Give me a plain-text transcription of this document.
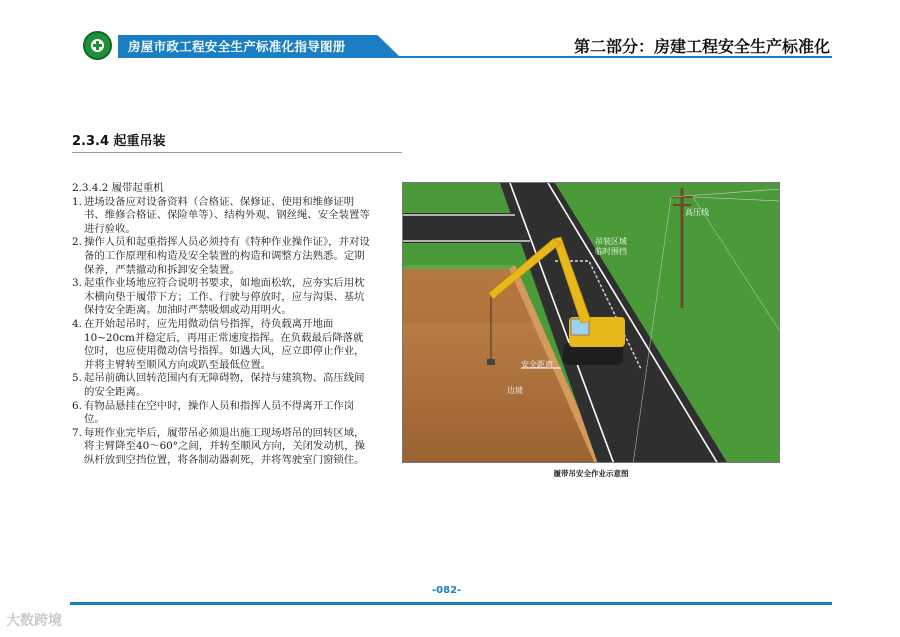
房屋市政工程安全生产标准化指导图册	第二部分：房建工程安全生产标准化
2.3.4 起重吊装

2.3.4.2 履带起重机

1. 进场设备应对设备资料（合格证、保修证、使用和维修证明书、维修合格证、保险单等）、结构外观、钢丝绳、安全装置等进行验收。
2. 操作人员和起重指挥人员必须持有《特种作业操作证》，并对设备的工作原理和构造及安全装置的构造和调整方法熟悉。定期保养，严禁撤动和拆卸安全装置。
3. 起重作业场地应符合说明书要求，如地面松软，应夯实后用枕木横向垫于履带下方；工作、行驶与停放时，应与沟渠、基坑保持安全距离。加油时严禁吸烟或动用明火。
4. 在开始起吊时，应先用微动信号指挥，待负载离开地面10~20cm并稳定后，再用正常速度指挥。在负载最后降落就位时，也应使用微动信号指挥。如遇大风，应立即停止作业，并将主臂转至顺风方向或趴至最低位置。
5. 起吊前确认回转范围内有无障碍物，保持与建筑物、高压线间的安全距离。
6. 有物品悬挂在空中时，操作人员和指挥人员不得离开工作岗位。
7. 每班作业完毕后，履带吊必须退出施工现场塔吊的回转区域，将主臂降至40～60°之间，并转至顺风方向，关闭发动机，操纵杆放到空挡位置，将各制动器刹死，并将驾驶室门窗锁住。
高压线
吊装区域
临时围挡
安全距离
边坡
履带吊安全作业示意图
-082-
大数跨境
